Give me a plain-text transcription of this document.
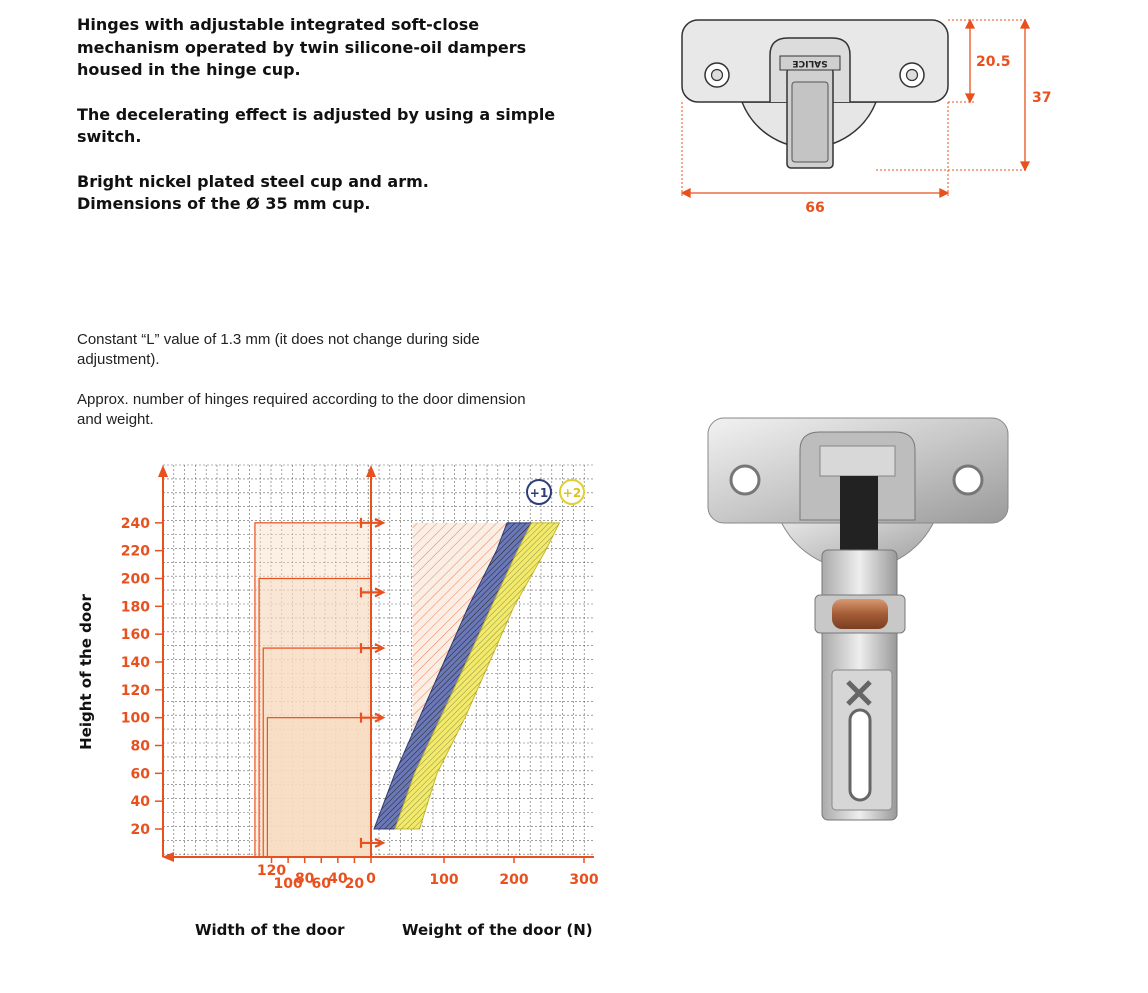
Hinges with adjustable integrated soft-close
mechanism operated by twin silicone-oil dampers
housed in the hinge cup.

The decelerating effect is adjusted by using a simple
switch.

Bright nickel plated steel cup and arm.
Dimensions of the Ø 35 mm cup.

Constant “L” value of 1.3 mm (it does not change during side
adjustment).

Approx. number of hinges required according to the door dimension
and weight.

SALICE	20.5
37
66
20
40
60
80
100
120
140
160
180
200
220
240
120
100
80
60
40
20 0	100	200	300
+1 +2
Height of the door
Width of the door	Weight of the door (N)
